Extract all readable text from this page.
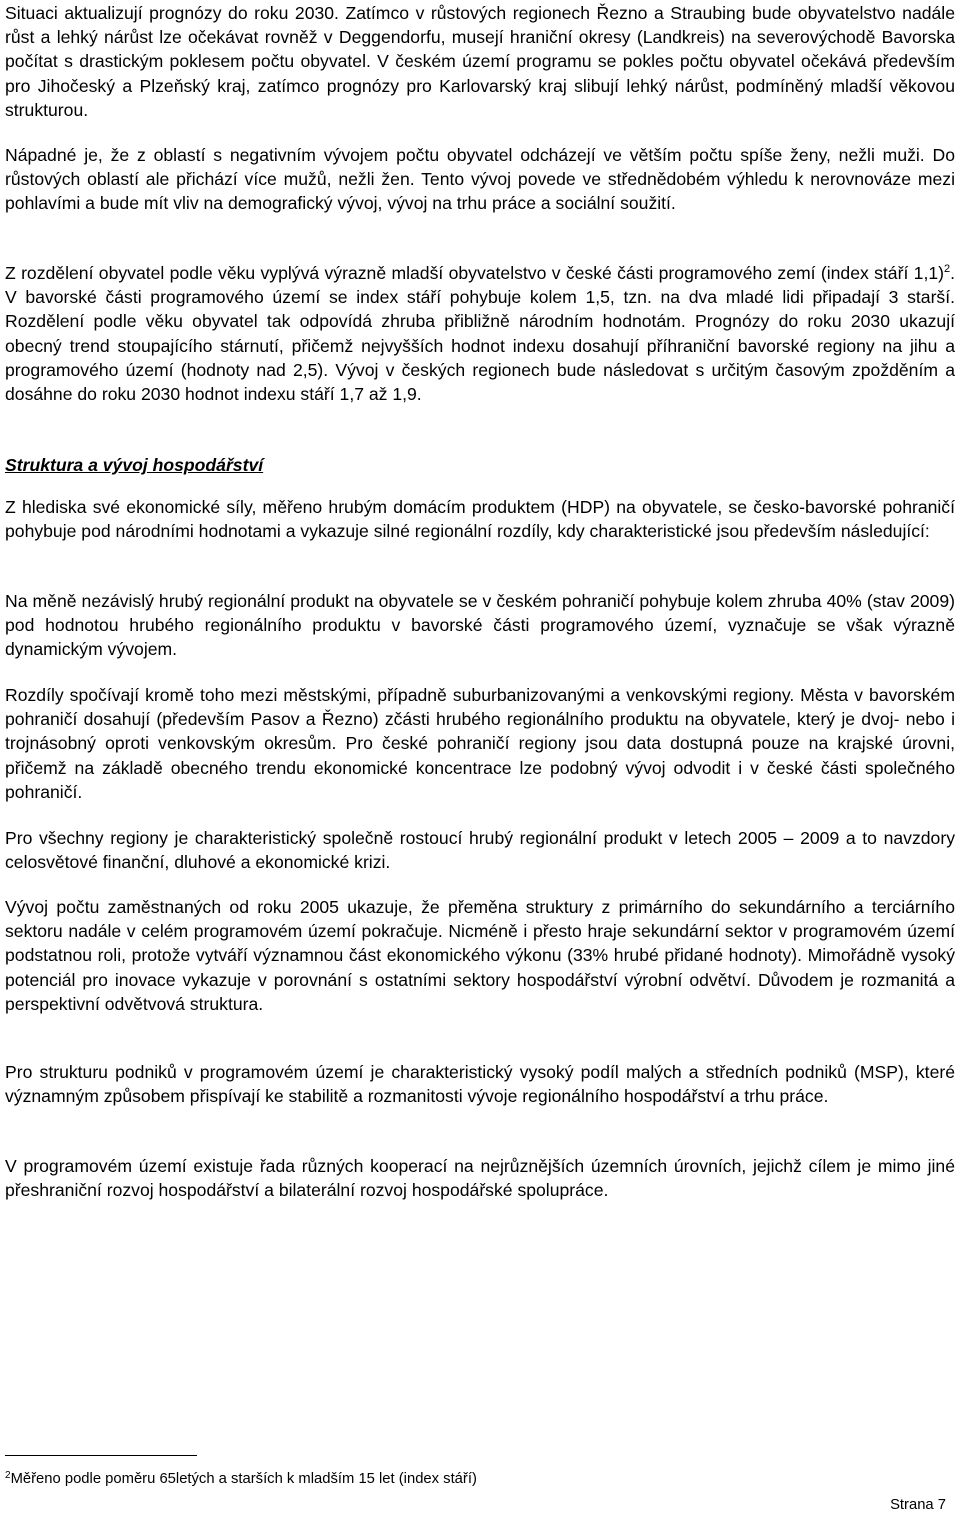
Situaci aktualizují prognózy do roku 2030. Zatímco v růstových regionech Řezno a Straubing bude obyvatelstvo nadále růst a lehký nárůst lze očekávat rovněž v Deggendorfu, musejí hraniční okresy (Landkreis) na severovýchodě Bavorska počítat s drastickým poklesem počtu obyvatel. V českém území programu se pokles počtu obyvatel očekává především pro Jihočeský a Plzeňský kraj, zatímco prognózy pro Karlovarský kraj slibují lehký nárůst, podmíněný mladší věkovou strukturou.

Nápadné je, že z oblastí s negativním vývojem počtu obyvatel odcházejí ve větším počtu spíše ženy, nežli muži. Do růstových oblastí ale přichází více mužů, nežli žen. Tento vývoj povede ve střednědobém výhledu k nerovnováze mezi pohlavími a bude mít vliv na demografický vývoj, vývoj na trhu práce a sociální soužití.

Z rozdělení obyvatel podle věku vyplývá výrazně mladší obyvatelstvo v české části programového zemí (index stáří 1,1)$^2$. V bavorské části programového území se index stáří pohybuje kolem 1,5, tzn. na dva mladé lidi připadají 3 starší. Rozdělení podle věku obyvatel tak odpovídá zhruba přibližně národním hodnotám. Prognózy do roku 2030 ukazují obecný trend stoupajícího stárnutí, přičemž nejvyšších hodnot indexu dosahují příhraniční bavorské regiony na jihu a programového území (hodnoty nad 2,5). Vývoj v českých regionech bude následovat s určitým časovým zpožděním a dosáhne do roku 2030 hodnot indexu stáří 1,7 až 1,9.

Struktura a vývoj hospodářství

Z hlediska své ekonomické síly, měřeno hrubým domácím produktem (HDP) na obyvatele, se česko-bavorské pohraničí pohybuje pod národními hodnotami a vykazuje silné regionální rozdíly, kdy charakteristické jsou především následující:

Na měně nezávislý hrubý regionální produkt na obyvatele se v českém pohraničí pohybuje kolem zhruba 40% (stav 2009) pod hodnotou hrubého regionálního produktu v bavorské části programového území, vyznačuje se však výrazně dynamickým vývojem.

Rozdíly spočívají kromě toho mezi městskými, případně suburbanizovanými a venkovskými regiony. Města v bavorském pohraničí dosahují (především Pasov a Řezno) zčásti hrubého regionálního produktu na obyvatele, který je dvoj- nebo i trojnásobný oproti venkovským okresům. Pro české pohraničí regiony jsou data dostupná pouze na krajské úrovni, přičemž na základě obecného trendu ekonomické koncentrace lze podobný vývoj odvodit i v české části společného pohraničí.

Pro všechny regiony je charakteristický společně rostoucí hrubý regionální produkt v letech 2005 – 2009 a to navzdory celosvětové finanční, dluhové a ekonomické krizi.

Vývoj počtu zaměstnaných od roku 2005 ukazuje, že přeměna struktury z primárního do sekundárního a terciárního sektoru nadále v celém programovém území pokračuje. Nicméně i přesto hraje sekundární sektor v programovém území podstatnou roli, protože vytváří významnou část ekonomického výkonu (33% hrubé přidané hodnoty). Mimořádně vysoký potenciál pro inovace vykazuje v porovnání s ostatními sektory hospodářství výrobní odvětví. Důvodem je rozmanitá a perspektivní odvětvová struktura.

Pro strukturu podniků v programovém území je charakteristický vysoký podíl malých a středních podniků (MSP), které významným způsobem přispívají ke stabilitě a rozmanitosti vývoje regionálního hospodářství a trhu práce.

V programovém území existuje řada různých kooperací na nejrůznějších územních úrovních, jejichž cílem je mimo jiné přeshraniční rozvoj hospodářství a bilaterální rozvoj hospodářské spolupráce.

$^2$Měřeno podle poměru 65letých a starších k mladším 15 let (index stáří)

Strana 7
